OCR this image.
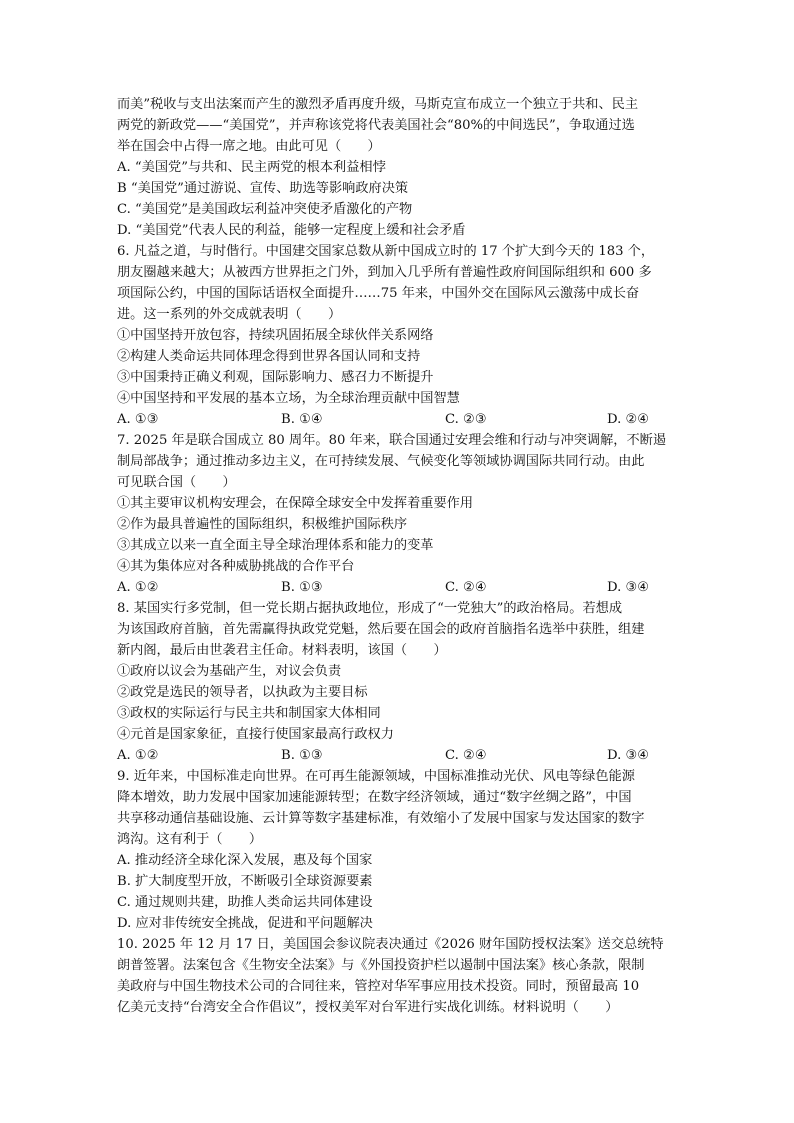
而美”税收与支出法案而产生的激烈矛盾再度升级，马斯克宣布成立一个独立于共和、民主
两党的新政党——“美国党”，并声称该党将代表美国社会“80%的中间选民”，争取通过选
举在国会中占得一席之地。由此可见（　　）
A. “美国党”与共和、民主两党的根本利益相悖
B “美国党”通过游说、宣传、助选等影响政府决策
C. “美国党”是美国政坛利益冲突使矛盾激化的产物
D. “美国党”代表人民的利益，能够一定程度上缓和社会矛盾
6. 凡益之道，与时偕行。中国建交国家总数从新中国成立时的 17 个扩大到今天的 183 个，
朋友圈越来越大；从被西方世界拒之门外，到加入几乎所有普遍性政府间国际组织和 600 多
项国际公约，中国的国际话语权全面提升……75 年来，中国外交在国际风云激荡中成长奋
进。这一系列的外交成就表明（　　）
①中国坚持开放包容，持续巩固拓展全球伙伴关系网络
②构建人类命运共同体理念得到世界各国认同和支持
③中国秉持正确义利观，国际影响力、感召力不断提升
④中国坚持和平发展的基本立场，为全球治理贡献中国智慧
A. ①③	B. ①④	C. ②③	D. ②④
7. 2025 年是联合国成立 80 周年。80 年来，联合国通过安理会维和行动与冲突调解，不断遏
制局部战争；通过推动多边主义，在可持续发展、气候变化等领域协调国际共同行动。由此
可见联合国（　　）
①其主要审议机构安理会，在保障全球安全中发挥着重要作用
②作为最具普遍性的国际组织，积极维护国际秩序
③其成立以来一直全面主导全球治理体系和能力的变革
④其为集体应对各种威胁挑战的合作平台
A. ①②	B. ①③	C. ②④	D. ③④
8. 某国实行多党制，但一党长期占据执政地位，形成了“一党独大”的政治格局。若想成
为该国政府首脑，首先需赢得执政党党魁，然后要在国会的政府首脑指名选举中获胜，组建
新内阁，最后由世袭君主任命。材料表明，该国（　　）
①政府以议会为基础产生，对议会负责
②政党是选民的领导者，以执政为主要目标
③政权的实际运行与民主共和制国家大体相同
④元首是国家象征，直接行使国家最高行政权力
A. ①②	B. ①③	C. ②④	D. ③④
9. 近年来，中国标准走向世界。在可再生能源领域，中国标准推动光伏、风电等绿色能源
降本增效，助力发展中国家加速能源转型；在数字经济领域，通过“数字丝绸之路”，中国
共享移动通信基础设施、云计算等数字基建标准，有效缩小了发展中国家与发达国家的数字
鸿沟。这有利于（　　）
A. 推动经济全球化深入发展，惠及每个国家
B. 扩大制度型开放，不断吸引全球资源要素
C. 通过规则共建，助推人类命运共同体建设
D. 应对非传统安全挑战，促进和平问题解决
10. 2025 年 12 月 17 日，美国国会参议院表决通过《2026 财年国防授权法案》送交总统特
朗普签署。法案包含《生物安全法案》与《外国投资护栏以遏制中国法案》核心条款，限制
美政府与中国生物技术公司的合同往来，管控对华军事应用技术投资。同时，预留最高 10
亿美元支持“台湾安全合作倡议”，授权美军对台军进行实战化训练。材料说明（　　）
